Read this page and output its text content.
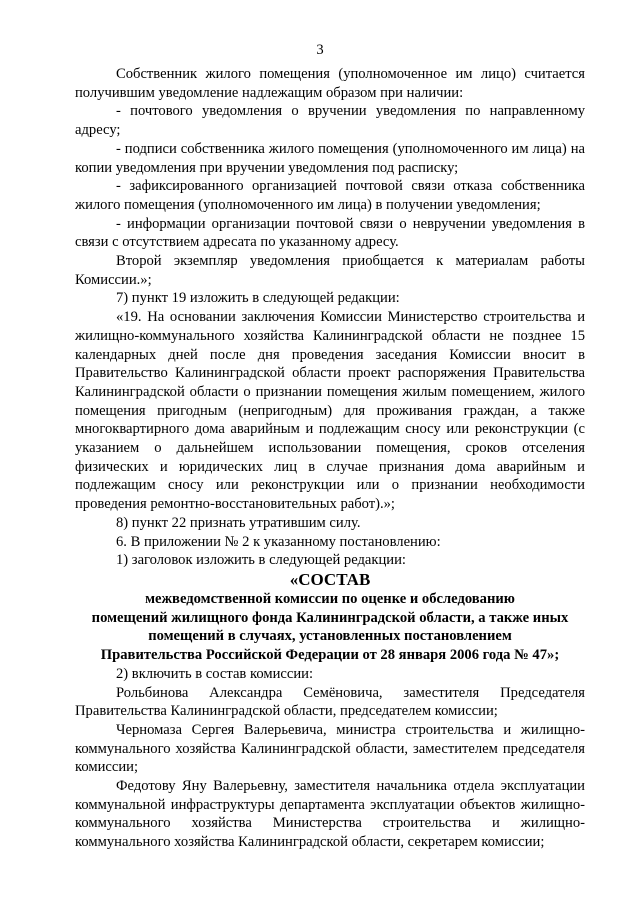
3

Собственник жилого помещения (уполномоченное им лицо) считается получившим уведомление надлежащим образом при наличии:

- почтового уведомления о вручении уведомления по направленному адресу;

- подписи собственника жилого помещения (уполномоченного им лица) на копии уведомления при вручении уведомления под расписку;

- зафиксированного организацией почтовой связи отказа собственника жилого помещения (уполномоченного им лица) в получении уведомления;

- информации организации почтовой связи о невручении уведомления в связи с отсутствием адресата по указанному адресу.

Второй экземпляр уведомления приобщается к материалам работы Комиссии.»;

7) пункт 19 изложить в следующей редакции:

«19. На основании заключения Комиссии Министерство строительства и жилищно-коммунального хозяйства Калининградской области не позднее 15 календарных дней после дня проведения заседания Комиссии вносит в Правительство Калининградской области проект распоряжения Правительства Калининградской области о признании помещения жилым помещением, жилого помещения пригодным (непригодным) для проживания граждан, а также многоквартирного дома аварийным и подлежащим сносу или реконструкции (с указанием о дальнейшем использовании помещения, сроков отселения физических и юридических лиц в случае признания дома аварийным и подлежащим сносу или реконструкции или о признании необходимости проведения ремонтно-восстановительных работ).»;

8) пункт 22 признать утратившим силу.

6. В приложении № 2 к указанному постановлению:

1) заголовок изложить в следующей редакции:

«СОСТАВ

межведомственной комиссии по оценке и обследованию

помещений жилищного фонда Калининградской области, а также иных

помещений в случаях, установленных постановлением

Правительства Российской Федерации от 28 января 2006 года № 47»;

2) включить в состав комиссии:

Рольбинова Александра Семёновича, заместителя Председателя Правительства Калининградской области, председателем комиссии;

Черномаза Сергея Валерьевича, министра строительства и жилищно-коммунального хозяйства Калининградской области, заместителем председателя комиссии;

Федотову Яну Валерьевну, заместителя начальника отдела эксплуатации коммунальной инфраструктуры департамента эксплуатации объектов жилищно-коммунального хозяйства Министерства строительства и жилищно-коммунального хозяйства Калининградской области, секретарем комиссии;
